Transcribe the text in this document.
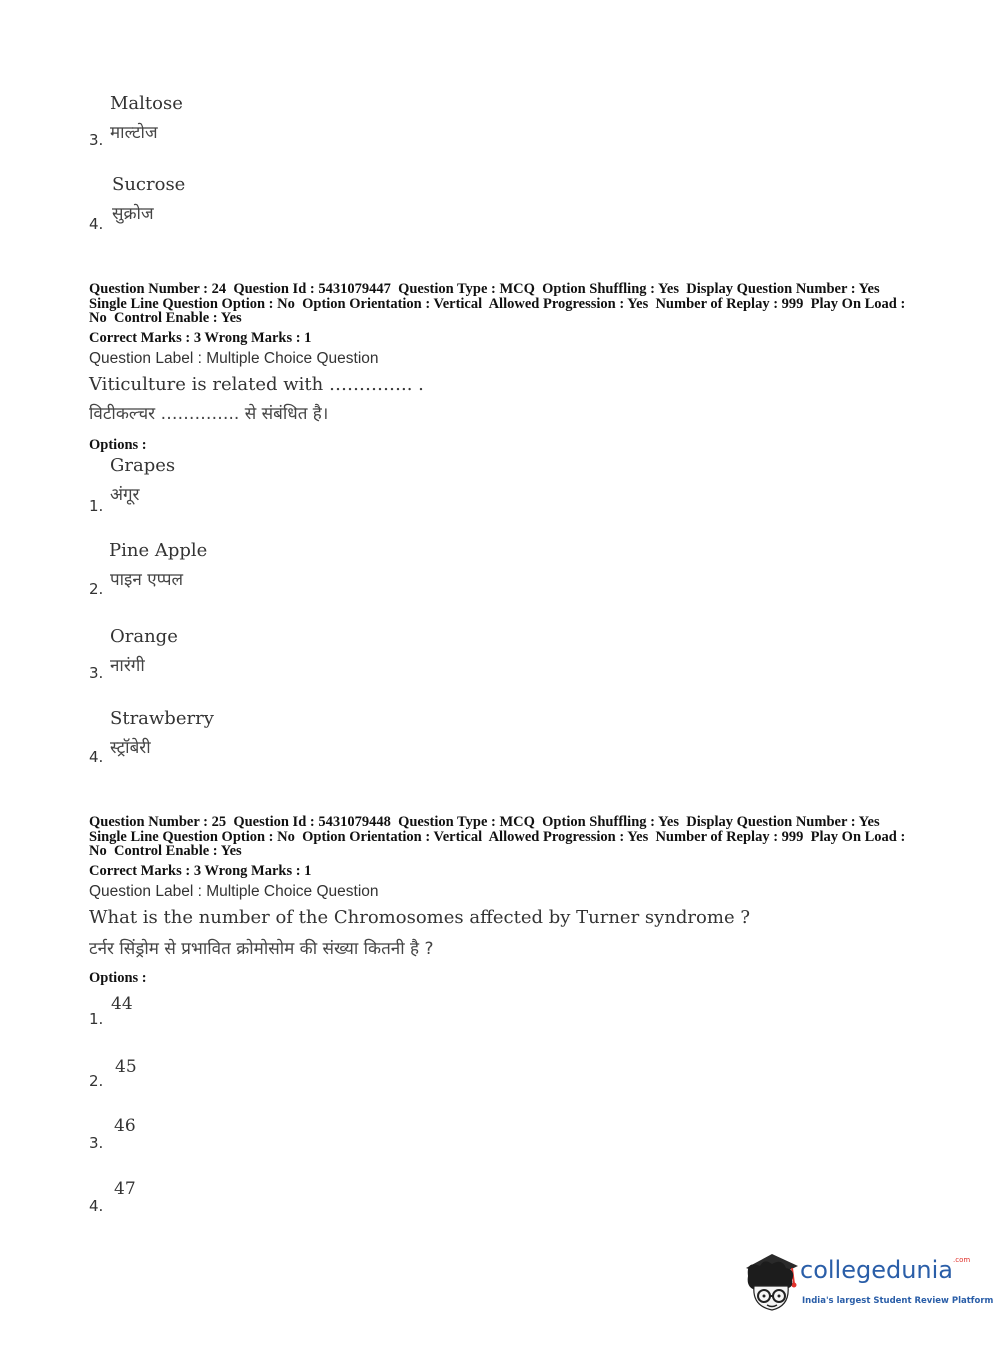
Maltose
माल्टोज
3.
Sucrose
सुक्रोज
4.
Question Number : 24  Question Id : 5431079447  Question Type : MCQ  Option Shuffling : Yes  Display Question Number : Yes
Single Line Question Option : No  Option Orientation : Vertical  Allowed Progression : Yes  Number of Replay : 999  Play On Load :
No  Control Enable : Yes
Correct Marks : 3 Wrong Marks : 1
Question Label : Multiple Choice Question
Viticulture is related with ………….. .
विटीकल्चर ………….. से संबंधित है।
Options :
Grapes
अंगूर
1.
Pine Apple
पाइन एप्पल
2.
Orange
नारंगी
3.
Strawberry
स्ट्रॉबेरी
4.
Question Number : 25  Question Id : 5431079448  Question Type : MCQ  Option Shuffling : Yes  Display Question Number : Yes
Single Line Question Option : No  Option Orientation : Vertical  Allowed Progression : Yes  Number of Replay : 999  Play On Load :
No  Control Enable : Yes
Correct Marks : 3 Wrong Marks : 1
Question Label : Multiple Choice Question
What is the number of the Chromosomes affected by Turner syndrome ?
टर्नर सिंड्रोम से प्रभावित क्रोमोसोम की संख्या कितनी है ?
Options :
44
1.
45
2.
46
3.
47
4.
collegedunia$^{.com}$
India's largest Student Review Platform
